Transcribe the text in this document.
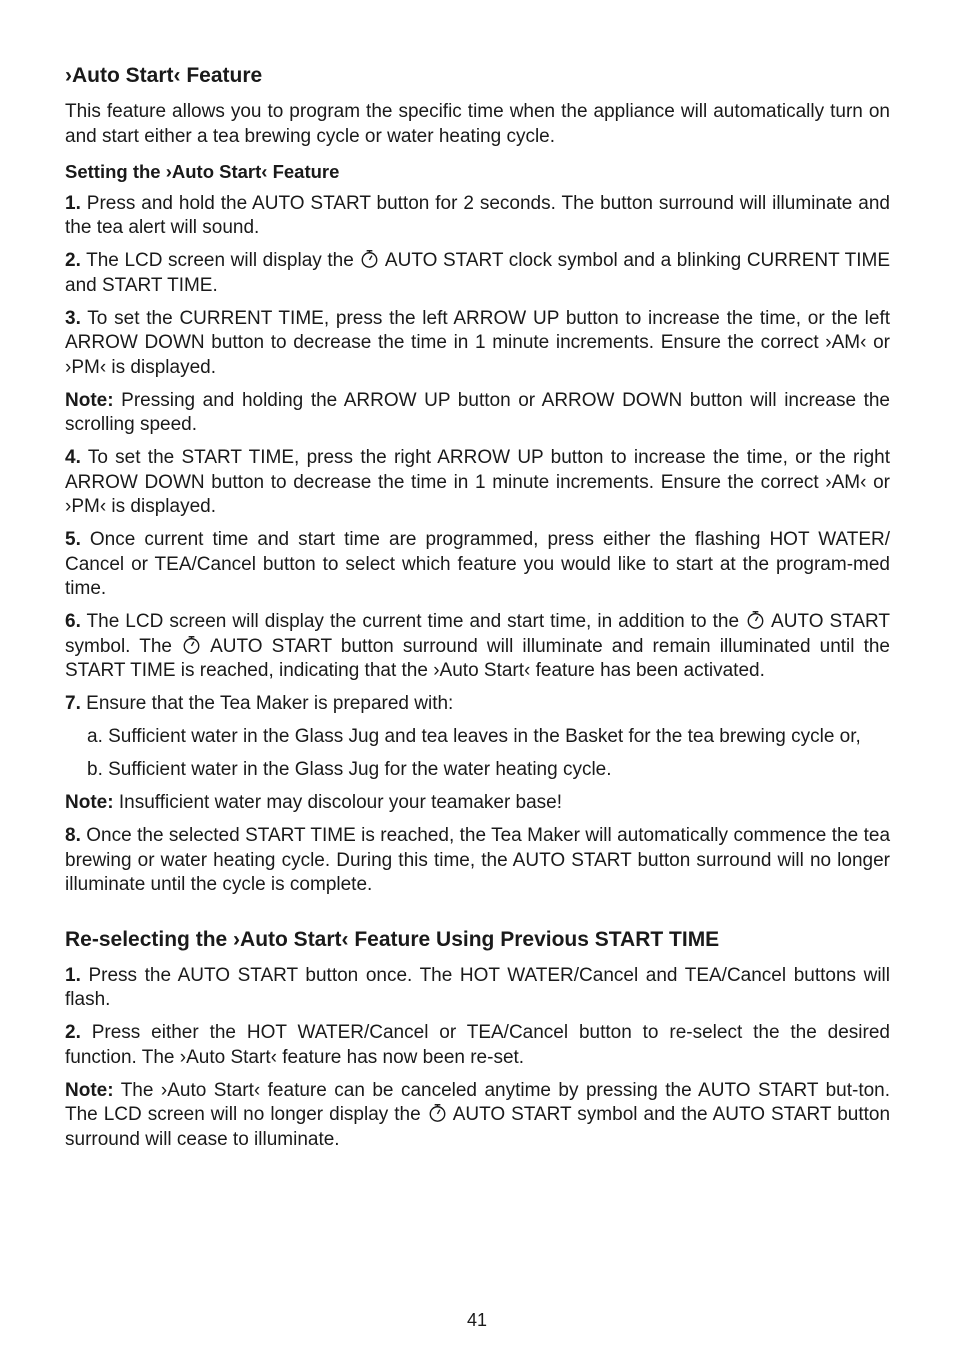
›Auto Start‹ Feature

This feature allows you to program the specific time when the appliance will automatically turn on and start either a tea brewing cycle or water heating cycle.

Setting the ›Auto Start‹ Feature

1. Press and hold the AUTO START button for 2 seconds. The button surround will illuminate and the tea alert will sound.

2. The LCD screen will display the AUTO START clock symbol and a blinking CURRENT TIME and START TIME.

3. To set the CURRENT TIME, press the left ARROW UP button to increase the time, or the left ARROW DOWN button to decrease the time in 1 minute increments. Ensure the correct ›AM‹ or ›PM‹ is displayed.

Note: Pressing and holding the ARROW UP button or ARROW DOWN button will increase the scrolling speed.

4. To set the START TIME, press the right ARROW UP button to increase the time, or the right ARROW DOWN button to decrease the time in 1 minute increments. Ensure the correct ›AM‹ or ›PM‹ is displayed.

5. Once current time and start time are programmed, press either the flashing HOT WATER/ Cancel or TEA/Cancel button to select which feature you would like to start at the program-med time.

6. The LCD screen will display the current time and start time, in addition to the AUTO START symbol. The AUTO START button surround will illuminate and remain illuminated until the START TIME is reached, indicating that the ›Auto Start‹ feature has been activated.

7. Ensure that the Tea Maker is prepared with:

a. Sufficient water in the Glass Jug and tea leaves in the Basket for the tea brewing cycle or,

b. Sufficient water in the Glass Jug for the water heating cycle.

Note: Insufficient water may discolour your teamaker base!

8. Once the selected START TIME is reached, the Tea Maker will automatically commence the tea brewing or water heating cycle. During this time, the AUTO START button surround will no longer illuminate until the cycle is complete.

Re-selecting the ›Auto Start‹ Feature Using Previous START TIME

1. Press the AUTO START button once. The HOT WATER/Cancel and TEA/Cancel buttons will flash.

2. Press either the HOT WATER/Cancel or TEA/Cancel button to re-select the the desired function. The ›Auto Start‹ feature has now been re-set.

Note: The ›Auto Start‹ feature can be canceled anytime by pressing the AUTO START but-ton. The LCD screen will no longer display the AUTO START symbol and the AUTO START button surround will cease to illuminate.

41
